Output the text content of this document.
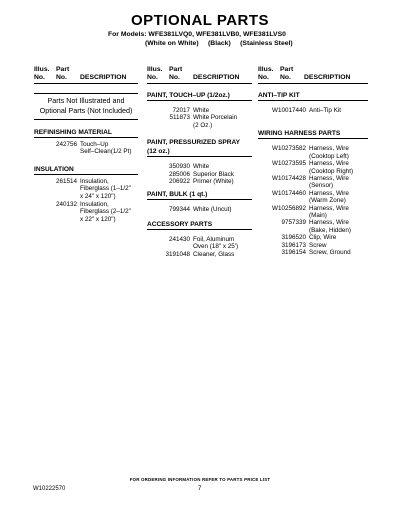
OPTIONAL PARTS
For Models: WFE381LVQ0, WFE381LVB0, WFE381LVS0
(White on White)     (Black)     (Stainless Steel)
Illus.
No.
Part
No.	DESCRIPTION
Parts Not Illustrated and Optional Parts (Not Included)
REFINISHING MATERIAL
242756 Touch–Up
Self–Clean(1/2 Pt)
INSULATION
261514 Insulation,
Fiberglass (1–1/2"
x 24" x 120")
240132 Insulation,
Fiberglass (2–1/2"
x 22" x 120")
Illus.
No.
Part
No.	DESCRIPTION
PAINT, TOUCH–UP (1/2oz.)
72017 White
511873 White Porcelain
(2 Oz.)
PAINT, PRESSURIZED SPRAY
(12 oz.)
350930 White
285006 Superior Black
206922 Primer (White)
PAINT, BULK (1 qt.)
799344 White (Uncut)
ACCESSORY PARTS
241430 Foil, Aluminum
Oven (18" x 25')
3191048 Cleaner, Glass
Illus.
No.
Part
No.	DESCRIPTION
ANTI–TIP KIT
W10017440 Anti–Tip Kit
WIRING HARNESS PARTS
W10273582 Harness, Wire
(Cooktop Left)
W10273595 Harness, Wire
(Cooktop Right)
W10174428 Harness, Wire
(Sensor)
W10174460 Harness, Wire
(Warm Zone)
W10256892 Harness, Wire
(Main)
9757339 Harness, Wire
(Bake, Hidden)
3196520 Clip, Wire
3196173 Screw
3196154 Screw, Ground
FOR ORDERING INFORMATION REFER TO PARTS PRICE LIST
W10222570	7
